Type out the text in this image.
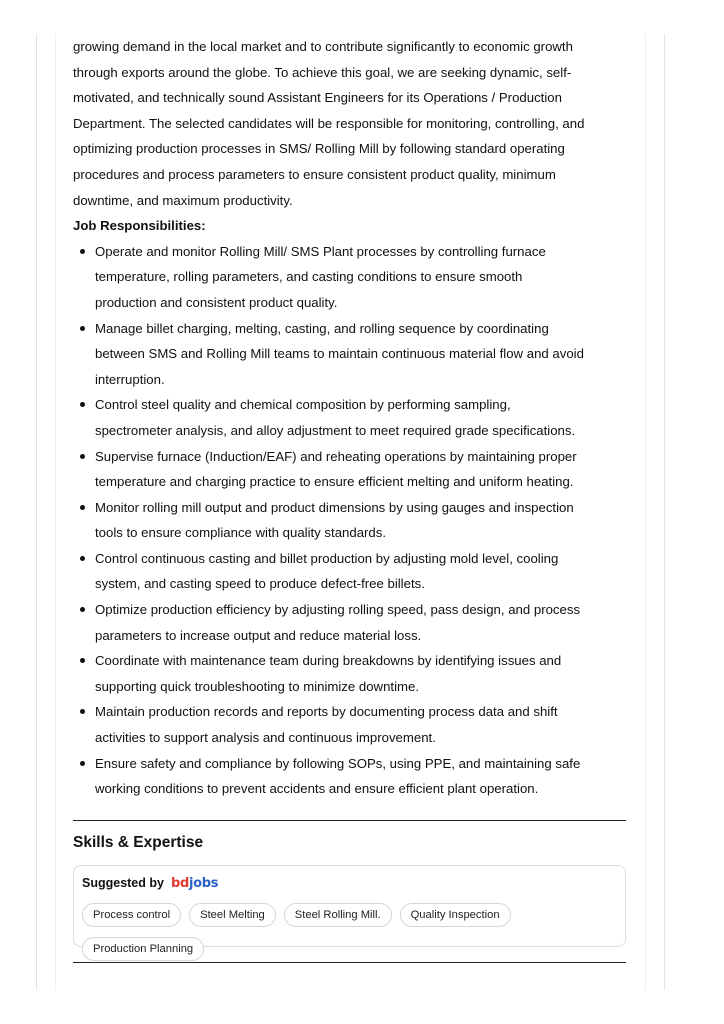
growing demand in the local market and to contribute significantly to economic growth
through exports around the globe. To achieve this goal, we are seeking dynamic, self-
motivated, and technically sound Assistant Engineers for its Operations / Production
Department. The selected candidates will be responsible for monitoring, controlling, and
optimizing production processes in SMS/ Rolling Mill by following standard operating
procedures and process parameters to ensure consistent product quality, minimum
downtime, and maximum productivity.

Job Responsibilities:

Operate and monitor Rolling Mill/ SMS Plant processes by controlling furnace
temperature, rolling parameters, and casting conditions to ensure smooth
production and consistent product quality.
Manage billet charging, melting, casting, and rolling sequence by coordinating
between SMS and Rolling Mill teams to maintain continuous material flow and avoid
interruption.
Control steel quality and chemical composition by performing sampling,
spectrometer analysis, and alloy adjustment to meet required grade specifications.
Supervise furnace (Induction/EAF) and reheating operations by maintaining proper
temperature and charging practice to ensure efficient melting and uniform heating.
Monitor rolling mill output and product dimensions by using gauges and inspection
tools to ensure compliance with quality standards.
Control continuous casting and billet production by adjusting mold level, cooling
system, and casting speed to produce defect-free billets.
Optimize production efficiency by adjusting rolling speed, pass design, and process
parameters to increase output and reduce material loss.
Coordinate with maintenance team during breakdowns by identifying issues and
supporting quick troubleshooting to minimize downtime.
Maintain production records and reports by documenting process data and shift
activities to support analysis and continuous improvement.
Ensure safety and compliance by following SOPs, using PPE, and maintaining safe
working conditions to prevent accidents and ensure efficient plant operation.
Skills & Expertise
Suggested by bdjobs
Process control	Steel Melting	Steel Rolling Mill.	Quality Inspection
Production Planning
